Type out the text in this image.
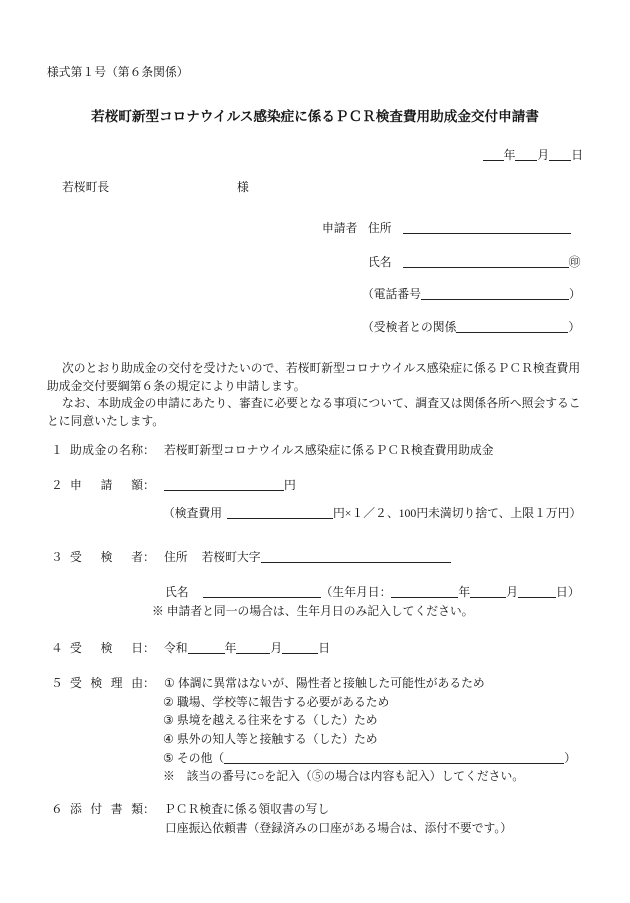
様式第１号（第６条関係）
若桜町新型コロナウイルス感染症に係るＰＣＲ検査費用助成金交付申請書
年 月 日
若桜町長	様
申請者 住所
氏名	㊞
（電話番号	）
（受検者との関係	）
次のとおり助成金の交付を受けたいので、若桜町新型コロナウイルス感染症に係るＰＣＲ検査費用
助成金交付要綱第６条の規定により申請します。
なお、本助成金の申請にあたり、審査に必要となる事項について、調査又は関係各所へ照会するこ
とに同意いたします。
１ 助成金の名称： 若桜町新型コロナウイルス感染症に係るＰＣＲ検査費用助成金
２ 申請額：	円
（検査費用	円×１／２、100円未満切り捨て、上限１万円）
３ 受検者： 住所 若桜町大字
氏名	（生年月日：	年	月	日）
※ 申請者と同一の場合は、生年月日のみ記入してください。
４ 受検日： 令和	年	月	日
５ 受検理由： ① 体調に異常はないが、陽性者と接触した可能性があるため
② 職場、学校等に報告する必要があるため
③ 県境を越える往来をする（した）ため
④ 県外の知人等と接触する（した）ため
⑤ その他（	）
※　該当の番号に○を記入（⑤の場合は内容も記入）してください。
６ 添付書類： ＰＣＲ検査に係る領収書の写し
口座振込依頼書（登録済みの口座がある場合は、添付不要です。）
